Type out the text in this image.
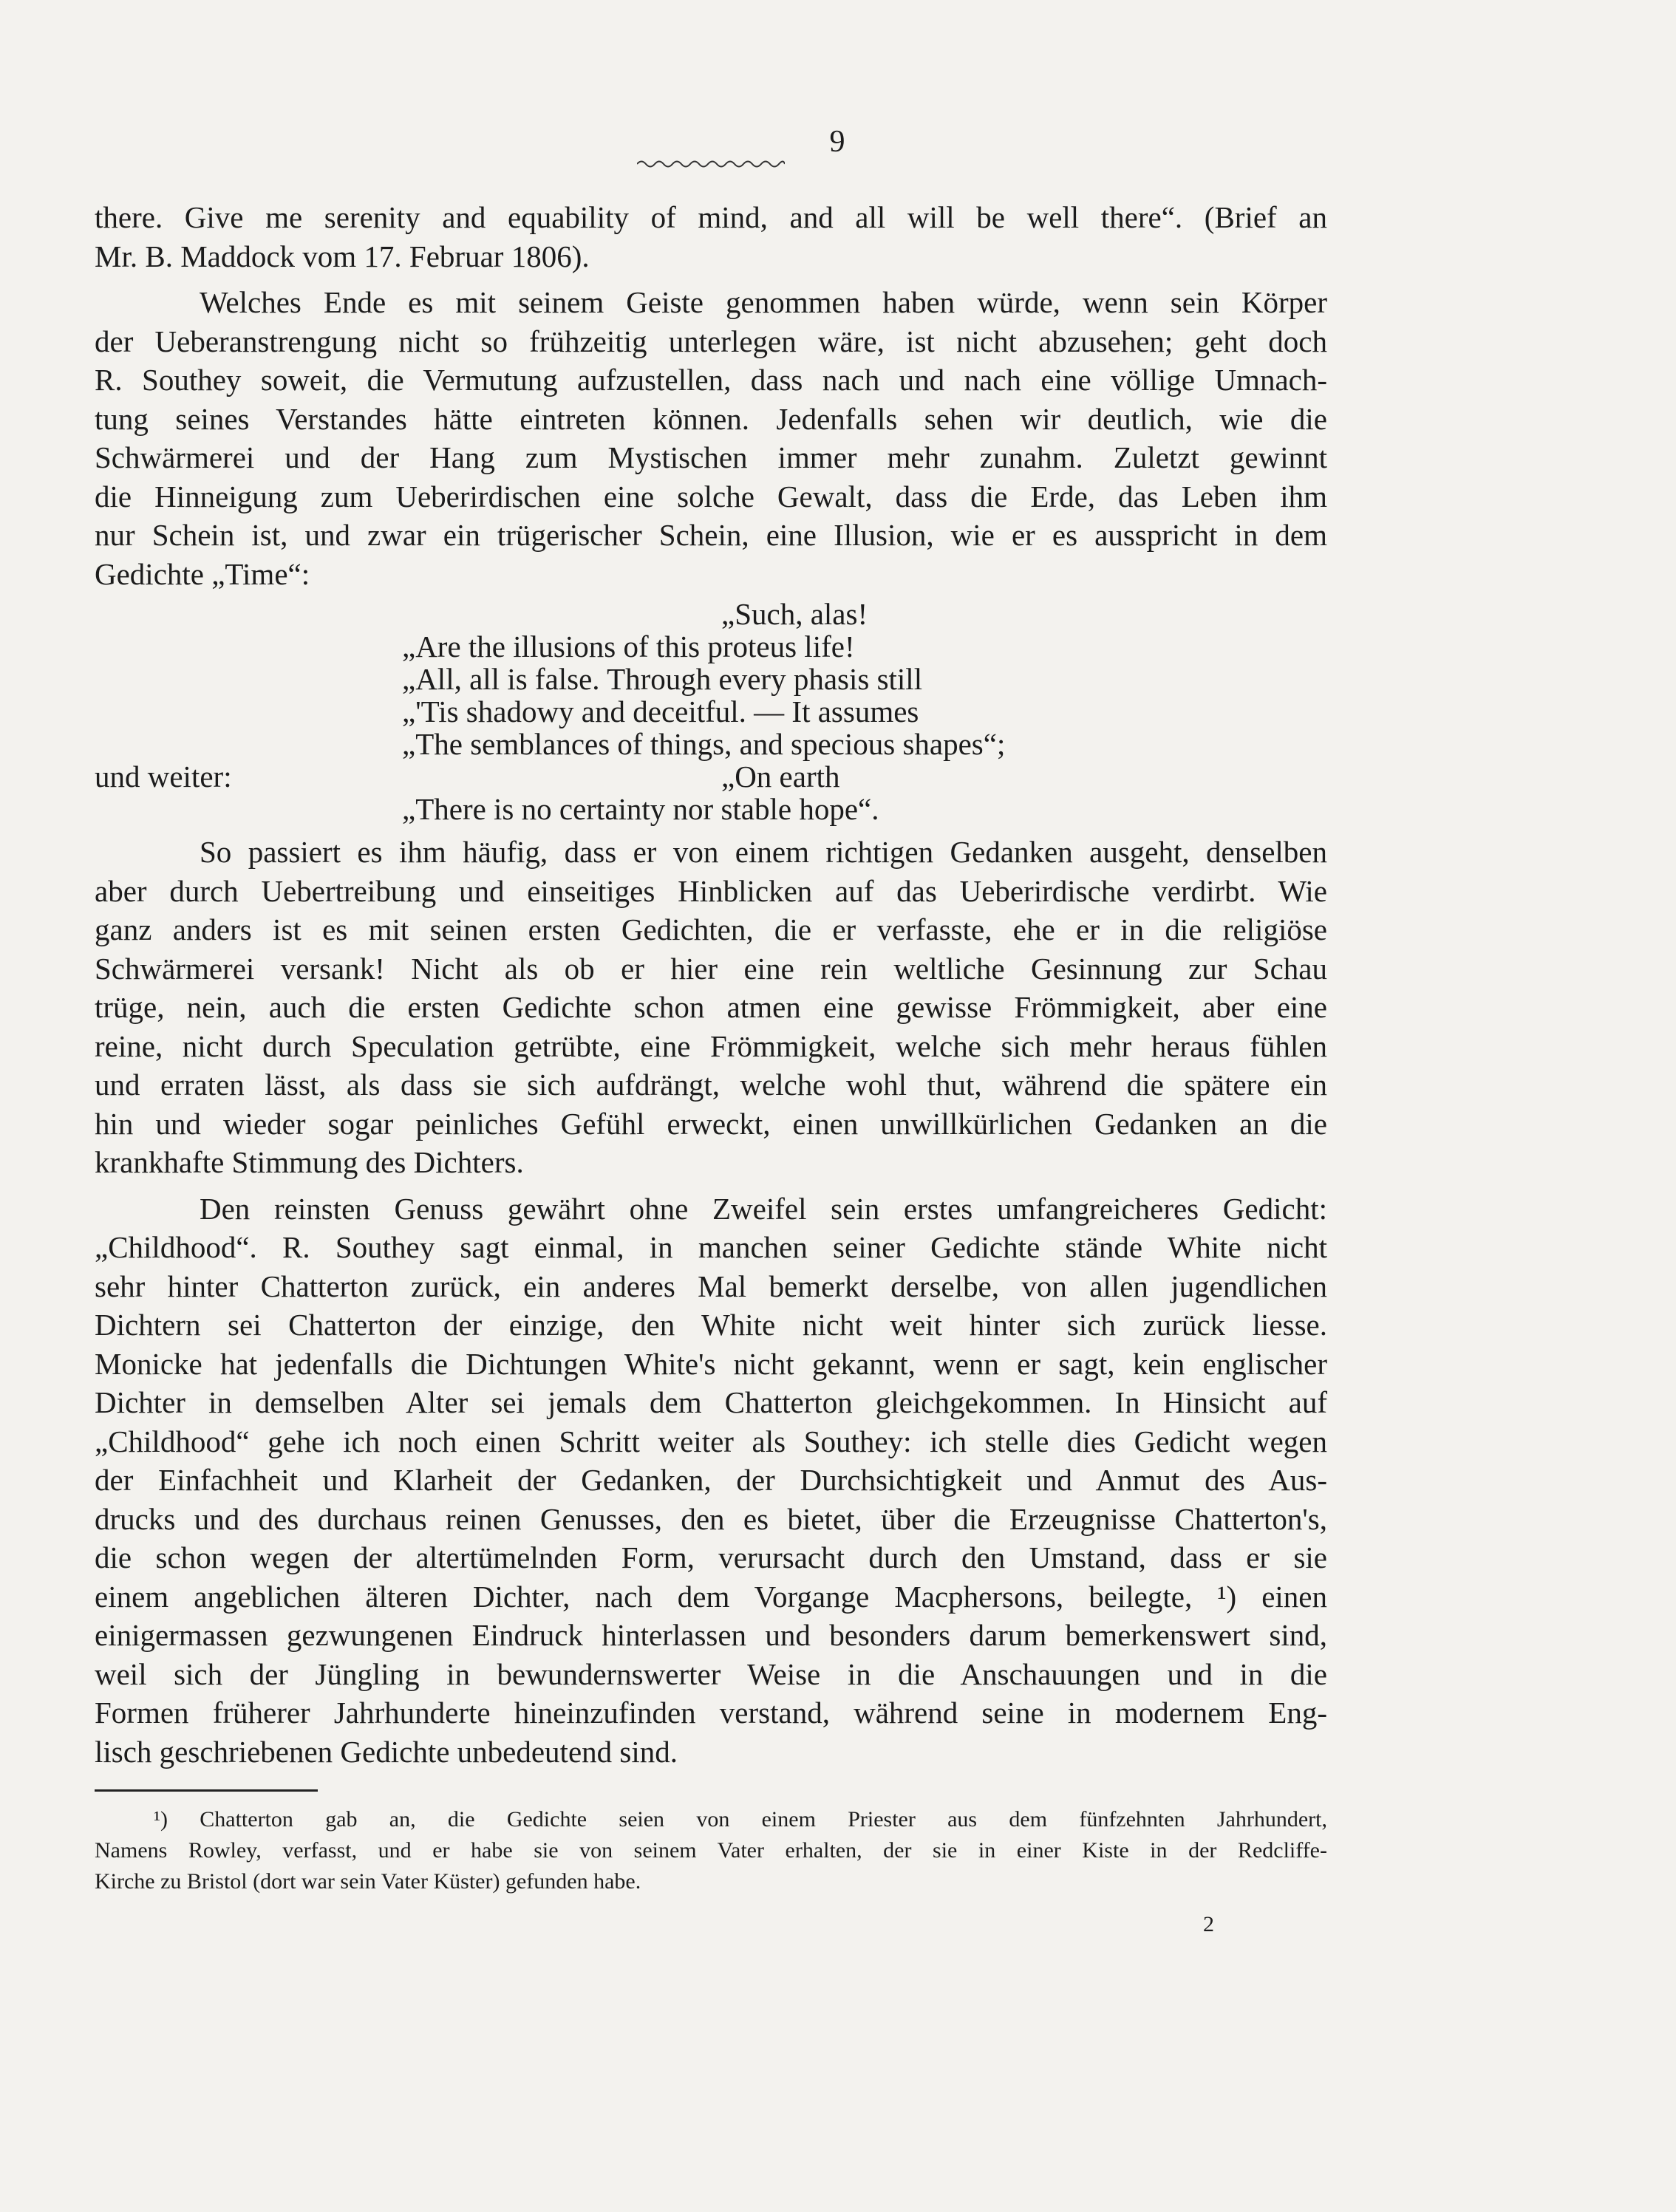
9
there. Give me serenity and equability of mind, and all will be well there“. (Brief an
Mr. B. Maddock vom 17. Februar 1806).
Welches Ende es mit seinem Geiste genommen haben würde, wenn sein Körper
der Ueberanstrengung nicht so frühzeitig unterlegen wäre, ist nicht abzusehen; geht doch
R. Southey soweit, die Vermutung aufzustellen, dass nach und nach eine völlige Umnach-
tung seines Verstandes hätte eintreten können. Jedenfalls sehen wir deutlich, wie die
Schwärmerei und der Hang zum Mystischen immer mehr zunahm. Zuletzt gewinnt
die Hinneigung zum Ueberirdischen eine solche Gewalt, dass die Erde, das Leben ihm
nur Schein ist, und zwar ein trügerischer Schein, eine Illusion, wie er es ausspricht in dem
Gedichte „Time“:
„Such, alas!
„Are the illusions of this proteus life!
„All, all is false. Through every phasis still
„'Tis shadowy and deceitful. — It assumes
„The semblances of things, and specious shapes“;
und weiter:	„On earth
„There is no certainty nor stable hope“.
So passiert es ihm häufig, dass er von einem richtigen Gedanken ausgeht, denselben
aber durch Uebertreibung und einseitiges Hinblicken auf das Ueberirdische verdirbt. Wie
ganz anders ist es mit seinen ersten Gedichten, die er verfasste, ehe er in die religiöse
Schwärmerei versank! Nicht als ob er hier eine rein weltliche Gesinnung zur Schau
trüge, nein, auch die ersten Gedichte schon atmen eine gewisse Frömmigkeit, aber eine
reine, nicht durch Speculation getrübte, eine Frömmigkeit, welche sich mehr heraus fühlen
und erraten lässt, als dass sie sich aufdrängt, welche wohl thut, während die spätere ein
hin und wieder sogar peinliches Gefühl erweckt, einen unwillkürlichen Gedanken an die
krankhafte Stimmung des Dichters.
Den reinsten Genuss gewährt ohne Zweifel sein erstes umfangreicheres Gedicht:
„Childhood“. R. Southey sagt einmal, in manchen seiner Gedichte stände White nicht
sehr hinter Chatterton zurück, ein anderes Mal bemerkt derselbe, von allen jugendlichen
Dichtern sei Chatterton der einzige, den White nicht weit hinter sich zurück liesse.
Monicke hat jedenfalls die Dichtungen White's nicht gekannt, wenn er sagt, kein englischer
Dichter in demselben Alter sei jemals dem Chatterton gleichgekommen. In Hinsicht auf
„Childhood“ gehe ich noch einen Schritt weiter als Southey: ich stelle dies Gedicht wegen
der Einfachheit und Klarheit der Gedanken, der Durchsichtigkeit und Anmut des Aus-
drucks und des durchaus reinen Genusses, den es bietet, über die Erzeugnisse Chatterton's,
die schon wegen der altertümelnden Form, verursacht durch den Umstand, dass er sie
einem angeblichen älteren Dichter, nach dem Vorgange Macphersons, beilegte, ¹) einen
einigermassen gezwungenen Eindruck hinterlassen und besonders darum bemerkenswert sind,
weil sich der Jüngling in bewundernswerter Weise in die Anschauungen und in die
Formen früherer Jahrhunderte hineinzufinden verstand, während seine in modernem Eng-
lisch geschriebenen Gedichte unbedeutend sind.
¹) Chatterton gab an, die Gedichte seien von einem Priester aus dem fünfzehnten Jahrhundert,
Namens Rowley, verfasst, und er habe sie von seinem Vater erhalten, der sie in einer Kiste in der Redcliffe-
Kirche zu Bristol (dort war sein Vater Küster) gefunden habe.
2
